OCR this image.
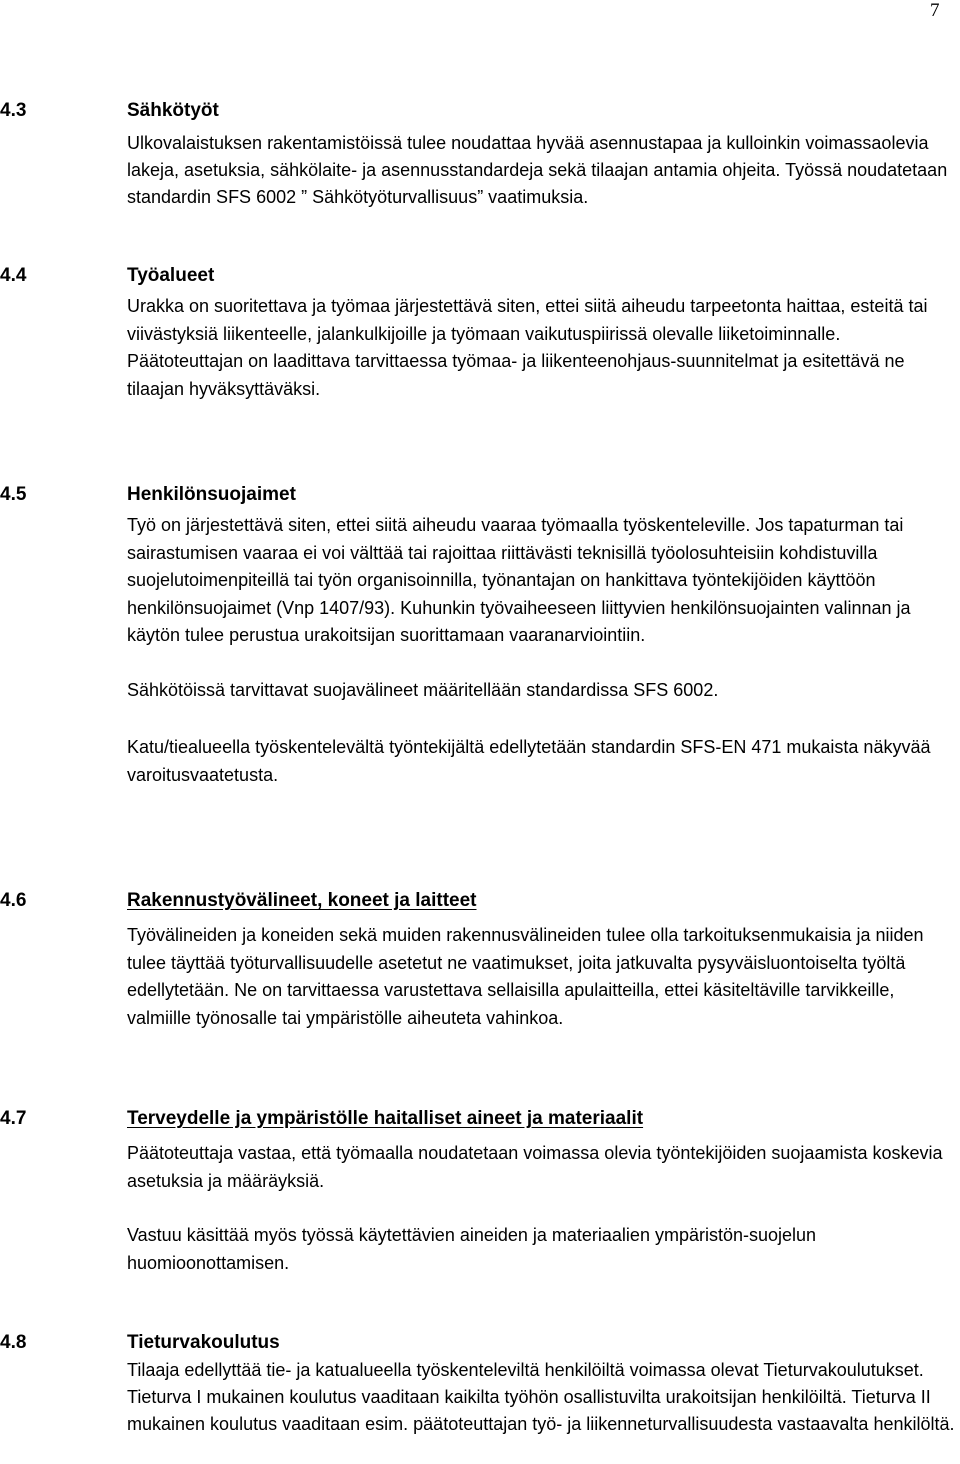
7
4.3	Sähkötyöt

Ulkovalaistuksen rakentamistöissä tulee noudattaa hyvää asennustapaa ja kulloinkin voimassaolevia lakeja, asetuksia, sähkölaite- ja asennusstandardeja sekä tilaajan antamia ohjeita. Työssä noudatetaan standardin SFS 6002 ” Sähkötyöturvallisuus” vaatimuksia.

4.4	Työalueet

Urakka on suoritettava ja työmaa järjestettävä siten, ettei siitä aiheudu tarpeetonta haittaa, esteitä tai viivästyksiä liikenteelle, jalankulkijoille ja työmaan vaikutuspiirissä olevalle liiketoiminnalle.

Päätoteuttajan on laadittava tarvittaessa työmaa- ja liikenteenohjaus-suunnitelmat ja esitettävä ne tilaajan hyväksyttäväksi.

4.5	Henkilönsuojaimet

Työ on järjestettävä siten, ettei siitä aiheudu vaaraa työmaalla työskenteleville. Jos tapaturman tai sairastumisen vaaraa ei voi välttää tai rajoittaa riittävästi teknisillä työolosuhteisiin kohdistuvilla suojelutoimenpiteillä tai työn organisoinnilla, työnantajan on hankittava työntekijöiden käyttöön henkilönsuojaimet (Vnp 1407/93). Kuhunkin työvaiheeseen liittyvien henkilönsuojainten valinnan ja käytön tulee perustua urakoitsijan suorittamaan vaaranarviointiin.

Sähkötöissä tarvittavat suojavälineet määritellään standardissa SFS 6002.

Katu/tiealueella työskentelevältä työntekijältä edellytetään standardin SFS-EN 471 mukaista näkyvää varoitusvaatetusta.

4.6	Rakennustyövälineet, koneet ja laitteet

Työvälineiden ja koneiden sekä muiden rakennusvälineiden tulee olla tarkoituksenmukaisia ja niiden tulee täyttää työturvallisuudelle asetetut ne vaatimukset, joita jatkuvalta pysyväisluontoiselta työltä edellytetään. Ne on tarvittaessa varustettava sellaisilla apulaitteilla, ettei käsiteltäville tarvikkeille, valmiille työnosalle tai ympäristölle aiheuteta vahinkoa.

4.7	Terveydelle ja ympäristölle haitalliset aineet ja materiaalit

Päätoteuttaja vastaa, että työmaalla noudatetaan voimassa olevia työntekijöiden suojaamista koskevia asetuksia ja määräyksiä.

Vastuu käsittää myös työssä käytettävien aineiden ja materiaalien ympäristön-suojelun huomioonottamisen.

4.8	Tieturvakoulutus

Tilaaja edellyttää tie- ja katualueella työskenteleviltä henkilöiltä voimassa olevat Tieturvakoulutukset. Tieturva I mukainen koulutus vaaditaan kaikilta työhön osallistuvilta urakoitsijan henkilöiltä. Tieturva II mukainen koulutus vaaditaan esim. päätoteuttajan työ- ja liikenneturvallisuudesta vastaavalta henkilöltä.
